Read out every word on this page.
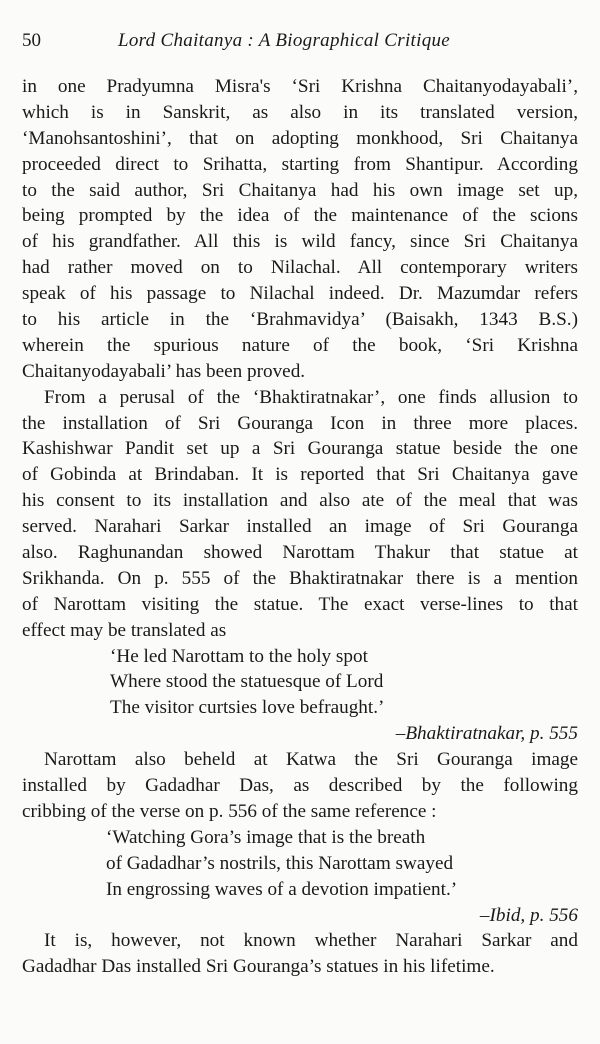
50	Lord Chaitanya : A Biographical Critique
in one Pradyumna Misra's ‘Sri Krishna Chaitanyodayabali’,
which is in Sanskrit, as also in its translated version,
‘Manohsantoshini’, that on adopting monkhood, Sri Chaitanya
proceeded direct to Srihatta, starting from Shantipur. According
to the said author, Sri Chaitanya had his own image set up,
being prompted by the idea of the maintenance of the scions
of his grandfather. All this is wild fancy, since Sri Chaitanya
had rather moved on to Nilachal. All contemporary writers
speak of his passage to Nilachal indeed. Dr. Mazumdar refers
to his article in the ‘Brahmavidya’ (Baisakh, 1343 B.S.)
wherein the spurious nature of the book, ‘Sri Krishna
Chaitanyodayabali’ has been proved.
From a perusal of the ‘Bhaktiratnakar’, one finds allusion to
the installation of Sri Gouranga Icon in three more places.
Kashishwar Pandit set up a Sri Gouranga statue beside the one
of Gobinda at Brindaban. It is reported that Sri Chaitanya gave
his consent to its installation and also ate of the meal that was
served. Narahari Sarkar installed an image of Sri Gouranga
also. Raghunandan showed Narottam Thakur that statue at
Srikhanda. On p. 555 of the Bhaktiratnakar there is a mention
of Narottam visiting the statue. The exact verse-lines to that
effect may be translated as
‘He led Narottam to the holy spot
Where stood the statuesque of Lord
The visitor curtsies love befraught.’
–Bhaktiratnakar, p. 555
Narottam also beheld at Katwa the Sri Gouranga image
installed by Gadadhar Das, as described by the following
cribbing of the verse on p. 556 of the same reference :
‘Watching Gora’s image that is the breath
of Gadadhar’s nostrils, this Narottam swayed
In engrossing waves of a devotion impatient.’
–Ibid, p. 556
It is, however, not known whether Narahari Sarkar and
Gadadhar Das installed Sri Gouranga’s statues in his lifetime.
